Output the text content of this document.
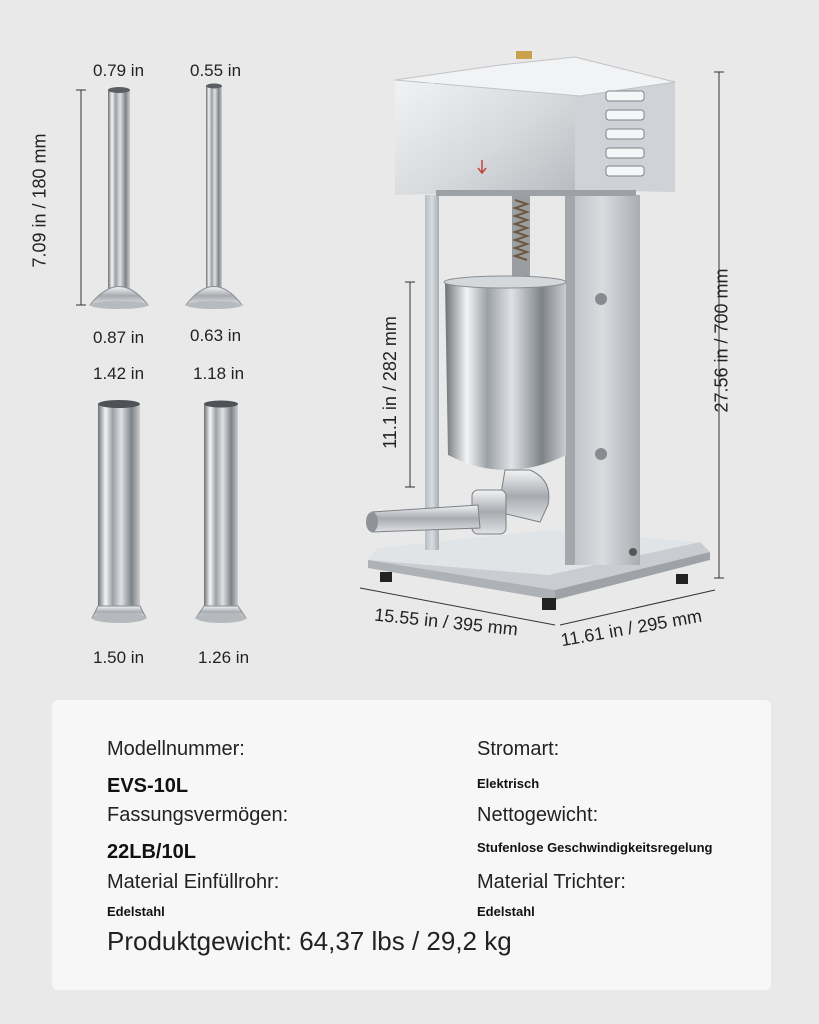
0.79 in	0.55 in
0.87 in	0.63 in
1.42 in	1.18 in
1.50 in	1.26 in
7.09 in / 180 mm
27.56 in / 700 mm
11.1 in / 282 mm
15.55 in / 395 mm 11.61 in / 295 mm
VEVOR
Modellnummer:
EVS-10L
Fassungsvermögen:
22LB/10L
Material Einfüllrohr:
Edelstahl
Stromart:
Elektrisch
Nettogewicht:
Stufenlose Geschwindigkeitsregelung
Material Trichter:
Edelstahl
Produktgewicht: 64,37 lbs / 29,2 kg
